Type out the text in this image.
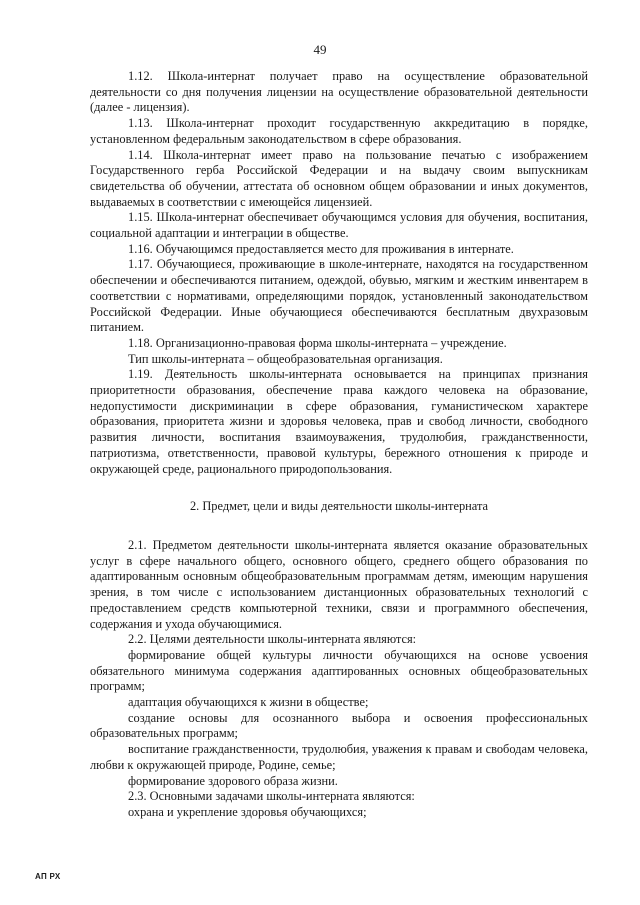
49

1.12. Школа-интернат получает право на осуществление образовательной деятельности со дня получения лицензии на осуществление образовательной деятельности (далее - лицензия).

1.13. Школа-интернат проходит государственную аккредитацию в порядке, установленном федеральным законодательством в сфере образования.

1.14. Школа-интернат имеет право на пользование печатью с изображением Государственного герба Российской Федерации и на выдачу своим выпускникам свидетельства об обучении, аттестата об основном общем образовании и иных документов, выдаваемых в соответствии с имеющейся лицензией.

1.15. Школа-интернат обеспечивает обучающимся условия для обучения, воспитания, социальной адаптации и интеграции в обществе.

1.16. Обучающимся предоставляется место для проживания в интернате.

1.17. Обучающиеся, проживающие в школе-интернате, находятся на государственном обеспечении и обеспечиваются питанием, одеждой, обувью, мягким и жестким инвентарем в соответствии с нормативами, определяющими порядок, установленный законодательством Российской Федерации. Иные обучающиеся обеспечиваются бесплатным двухразовым питанием.

1.18. Организационно-правовая форма школы-интерната – учреждение.

Тип школы-интерната – общеобразовательная организация.

1.19. Деятельность школы-интерната основывается на принципах признания приоритетности образования, обеспечение права каждого человека на образование, недопустимости дискриминации в сфере образования, гуманистическом характере образования, приоритета жизни и здоровья человека, прав и свобод личности, свободного развития личности, воспитания взаимоуважения, трудолюбия, гражданственности, патриотизма, ответственности, правовой культуры, бережного отношения к природе и окружающей среде, рационального природопользования.

2. Предмет, цели и виды деятельности школы-интерната

2.1. Предметом деятельности школы-интерната является оказание образовательных услуг в сфере начального общего, основного общего, среднего общего образования по адаптированным основным общеобразовательным программам детям, имеющим нарушения зрения, в том числе с использованием дистанционных образовательных технологий с предоставлением средств компьютерной техники, связи и программного обеспечения, содержания и ухода обучающимися.

2.2. Целями деятельности школы-интерната являются:

формирование общей культуры личности обучающихся на основе усвоения обязательного минимума содержания адаптированных основных общеобразовательных программ;

адаптация обучающихся к жизни в обществе;

создание основы для осознанного выбора и освоения профессиональных образовательных программ;

воспитание гражданственности, трудолюбия, уважения к правам и свободам человека, любви к окружающей природе, Родине, семье;

формирование здорового образа жизни.

2.3. Основными задачами школы-интерната являются:

охрана и укрепление здоровья обучающихся;

АП РХ
